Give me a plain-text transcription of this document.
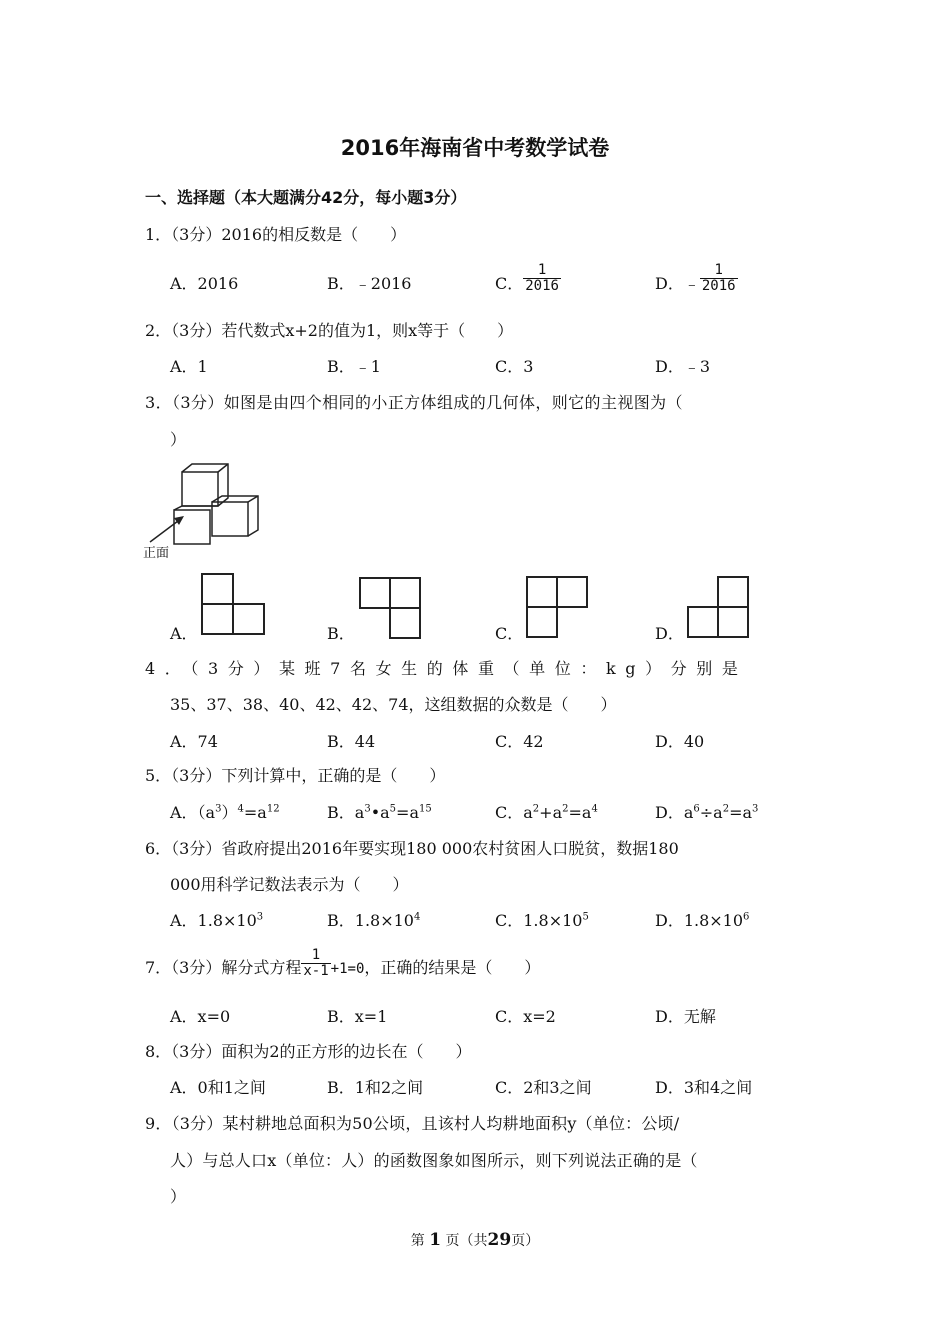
2016年海南省中考数学试卷
一、选择题（本大题满分42分，每小题3分）
1．（3分）2016的相反数是（　　）
A．2016	B．﹣2016	C． $\frac{1}{2016}$	D．﹣ $\frac{1}{2016}$
2．（3分）若代数式x+2的值为1，则x等于（　　）
A．1	B．﹣1	C．3	D．﹣3
3．（3分）如图是由四个相同的小正方体组成的几何体，则它的主视图为（
）
正面
A．	B．	C．	D．
4．（3分）某班7名女生的体重（单位：kg）分别是
35、37、38、40、42、42、74，这组数据的众数是（　　）
A．74	B．44	C．42	D．40
5．（3分）下列计算中，正确的是（　　）
A．$(a^3)^4=a^{12}$	B．$a^3•a^5=a^{15}$	C．$a^2+a^2=a^4$	D．$a^6\div a^2=a^3$
6．（3分）省政府提出2016年要实现180 000农村贫困人口脱贫，数据180
000用科学记数法表示为（　　）
A．$1.8\times 10^3$	B．$1.8\times 10^4$	C．$1.8\times 10^5$	D．$1.8\times 10^6$
7．（3分）解分式方程 $\frac{1}{x-1} +1=0$，正确的结果是（　　）
A．x=0	B．x=1	C．x=2	D．无解
8．（3分）面积为2的正方形的边长在（　　）
A．0和1之间	B．1和2之间	C．2和3之间	D．3和4之间
9．（3分）某村耕地总面积为50公顷，且该村人均耕地面积y（单位：公顷/
人）与总人口x（单位：人）的函数图象如图所示，则下列说法正确的是（
）
第 1 页（共29页）
